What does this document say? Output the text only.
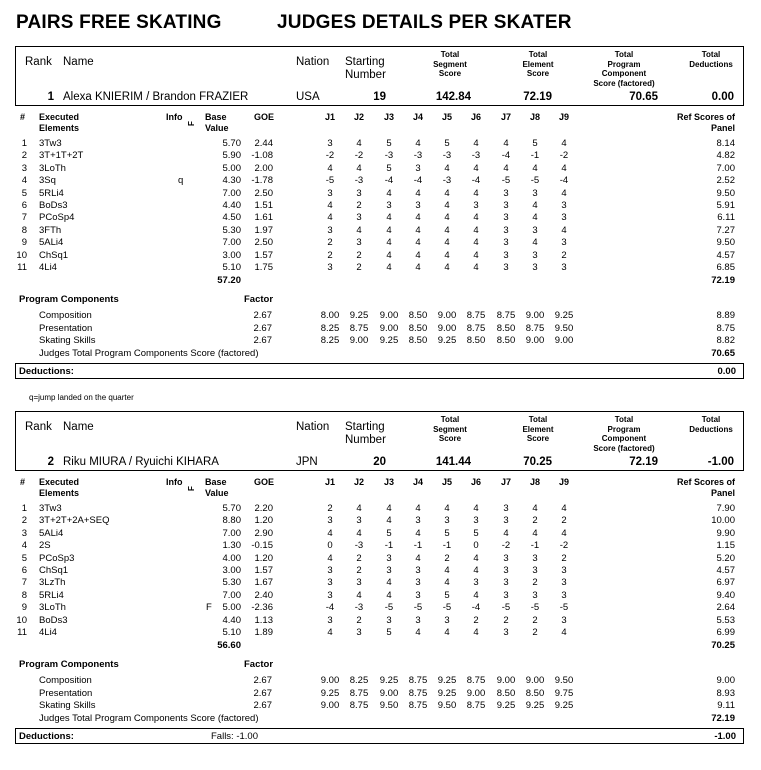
PAIRS FREE SKATING	JUDGES DETAILS PER SKATER
Rank Name	Nation Starting
Number
Total
Segment
Score
Total
Element
Score
Total
Program
Component
Score (factored)
Total
Deductions
1 Alexa KNIERIM / Brandon FRAZIER	USA	19	142.84	72.19	70.65	0.00
# Executed
Elements
Info
F
Base
Value
GOE	J1	J2	J3	J4	J5	J6	J7	J8	J9	Ref Scores of
Panel
1 3Tw3	5.70	2.44	3	4	5	4	5	4	4	5	4	8.14
2 3T+1T+2T	5.90	-1.08	-2	-2	-3	-3	-3	-3	-4	-1	-2	4.82
3 3LoTh	5.00	2.00	4	4	5	3	4	4	4	4	4	7.00
4 3Sq	q	4.30	-1.78	-5	-3	-4	-4	-3	-4	-5	-5	-4	2.52
5 5RLi4	7.00	2.50	3	3	4	4	4	4	3	3	4	9.50
6 BoDs3	4.40	1.51	4	2	3	3	4	3	3	4	3	5.91
7 PCoSp4	4.50	1.61	4	3	4	4	4	4	3	4	3	6.11
8 3FTh	5.30	1.97	3	4	4	4	4	4	3	3	4	7.27
9 5ALi4	7.00	2.50	2	3	4	4	4	4	3	4	3	9.50
10 ChSq1	3.00	1.57	2	2	4	4	4	4	3	3	2	4.57
11 4Li4	5.10	1.75	3	2	4	4	4	4	3	3	3	6.85
57.20	72.19
Program Components	Factor
Composition	2.67	8.00	9.25	9.00	8.50	9.00	8.75	8.75	9.00	9.25	8.89
Presentation	2.67	8.25	8.75	9.00	8.50	9.00	8.75	8.50	8.75	9.50	8.75
Skating Skills	2.67	8.25	9.00	9.25	8.50	9.25	8.50	8.50	9.00	9.00	8.82
Judges Total Program Components Score (factored)	70.65
Deductions:	0.00
q=jump landed on the quarter
Rank Name	Nation Starting
Number
Total
Segment
Score
Total
Element
Score
Total
Program
Component
Score (factored)
Total
Deductions
2 Riku MIURA / Ryuichi KIHARA	JPN	20	141.44	70.25	72.19	-1.00
# Executed
Elements
Info
F
Base
Value
GOE	J1	J2	J3	J4	J5	J6	J7	J8	J9	Ref Scores of
Panel
1 3Tw3	5.70	2.20	2	4	4	4	4	4	3	4	4	7.90
2 3T+2T+2A+SEQ	8.80	1.20	3	3	4	3	3	3	3	2	2	10.00
3 5ALi4	7.00	2.90	4	4	5	4	5	5	4	4	4	9.90
4 2S	1.30	-0.15	0	-3	-1	-1	-1	0	-2	-1	-2	1.15
5 PCoSp3	4.00	1.20	4	2	3	4	2	4	3	3	2	5.20
6 ChSq1	3.00	1.57	3	2	3	3	4	4	3	3	3	4.57
7 3LzTh	5.30	1.67	3	3	4	3	4	3	3	2	3	6.97
8 5RLi4	7.00	2.40	3	4	4	3	5	4	3	3	3	9.40
9 3LoTh	F	5.00	-2.36	-4	-3	-5	-5	-5	-4	-5	-5	-5	2.64
10 BoDs3	4.40	1.13	3	2	3	3	3	2	2	2	3	5.53
11 4Li4	5.10	1.89	4	3	5	4	4	4	3	2	4	6.99
56.60	70.25
Program Components	Factor
Composition	2.67	9.00	8.25	9.25	8.75	9.25	8.75	9.00	9.00	9.50	9.00
Presentation	2.67	9.25	8.75	9.00	8.75	9.25	9.00	8.50	8.50	9.75	8.93
Skating Skills	2.67	9.00	8.75	9.50	8.75	9.50	8.75	9.25	9.25	9.25	9.11
Judges Total Program Components Score (factored)	72.19
Deductions:	Falls: -1.00	-1.00
